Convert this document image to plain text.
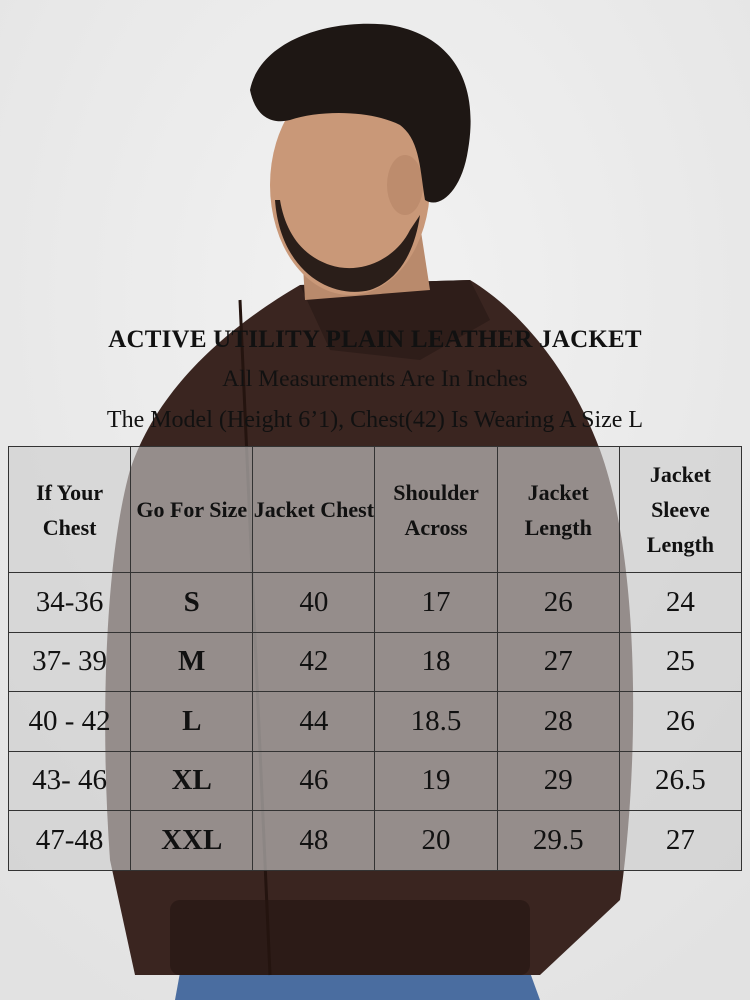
ACTIVE UTILITY PLAIN LEATHER JACKET
All Measurements Are In Inches
The Model (Height 6’1), Chest(42) Is Wearing A Size L
If Your Chest	Go For Size	Jacket Chest	Shoulder Across	Jacket Length	Jacket Sleeve Length
34-36	S	40	17	26	24
37- 39	M	42	18	27	25
40 - 42	L	44	18.5	28	26
43- 46	XL	46	19	29	26.5
47-48	XXL	48	20	29.5	27
